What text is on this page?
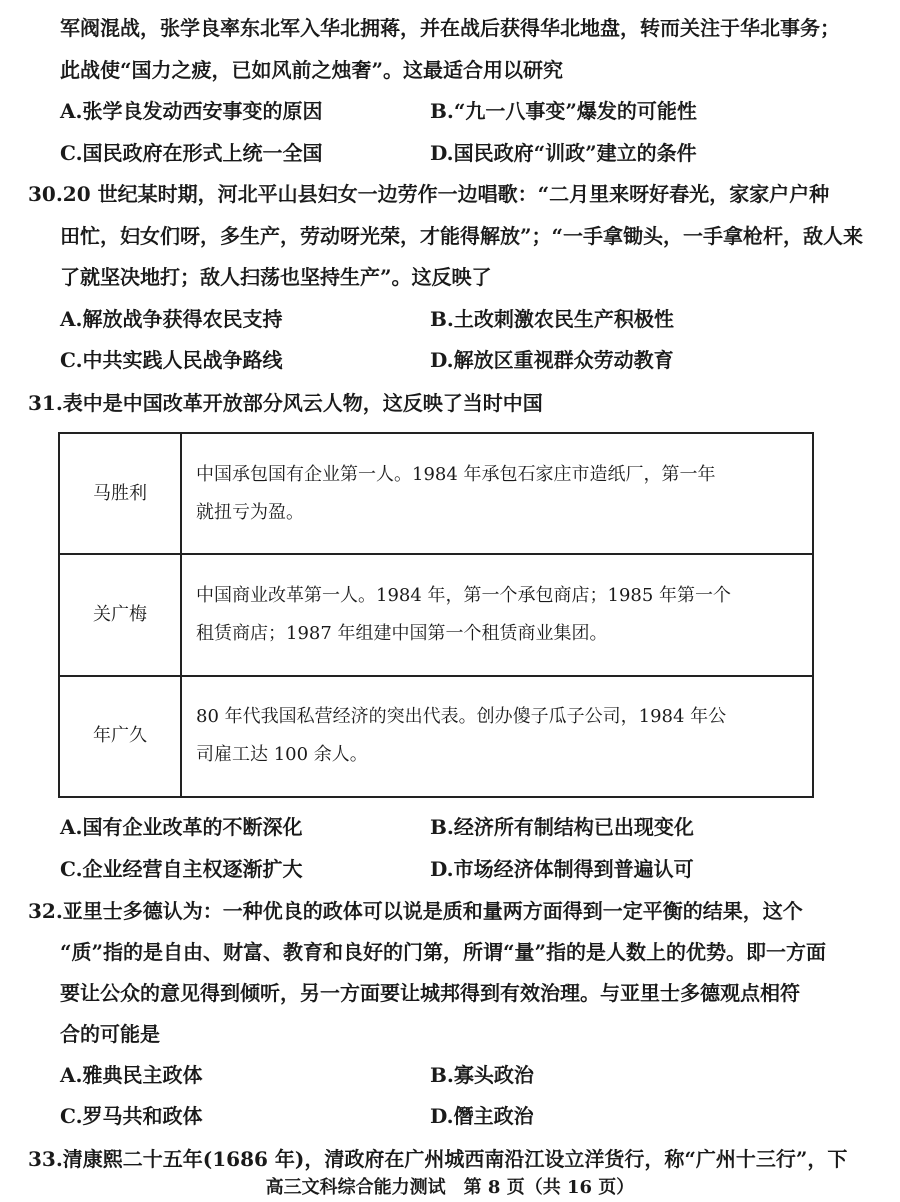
军阀混战，张学良率东北军入华北拥蒋，并在战后获得华北地盘，转而关注于华北事务；
此战使“国力之疲，已如风前之烛奢”。这最适合用以研究
A.张学良发动西安事变的原因	B.“九一八事变”爆发的可能性
C.国民政府在形式上统一全国	D.国民政府“训政”建立的条件
30.20 世纪某时期，河北平山县妇女一边劳作一边唱歌：“二月里来呀好春光，家家户户种
田忙，妇女们呀，多生产，劳动呀光荣，才能得解放”；“一手拿锄头，一手拿枪杆，敌人来
了就坚决地打；敌人扫荡也坚持生产”。这反映了
A.解放战争获得农民支持	B.土改刺激农民生产积极性
C.中共实践人民战争路线	D.解放区重视群众劳动教育
31.表中是中国改革开放部分风云人物，这反映了当时中国
马胜利	中国承包国有企业第一人。1984 年承包石家庄市造纸厂，第一年
就扭亏为盈。

关广梅	中国商业改革第一人。1984 年，第一个承包商店；1985 年第一个
租赁商店；1987 年组建中国第一个租赁商业集团。

年广久	80 年代我国私营经济的突出代表。创办傻子瓜子公司，1984 年公
司雇工达 100 余人。
A.国有企业改革的不断深化	B.经济所有制结构已出现变化
C.企业经营自主权逐渐扩大	D.市场经济体制得到普遍认可
32.亚里士多德认为：一种优良的政体可以说是质和量两方面得到一定平衡的结果，这个
“质”指的是自由、财富、教育和良好的门第，所谓“量”指的是人数上的优势。即一方面
要让公众的意见得到倾听，另一方面要让城邦得到有效治理。与亚里士多德观点相符
合的可能是
A.雅典民主政体	B.寡头政治
C.罗马共和政体	D.僭主政治
33.清康熙二十五年(1686 年)，清政府在广州城西南沿江设立洋货行，称“广州十三行”，下
高三文科综合能力测试　第 8 页（共 16 页）
